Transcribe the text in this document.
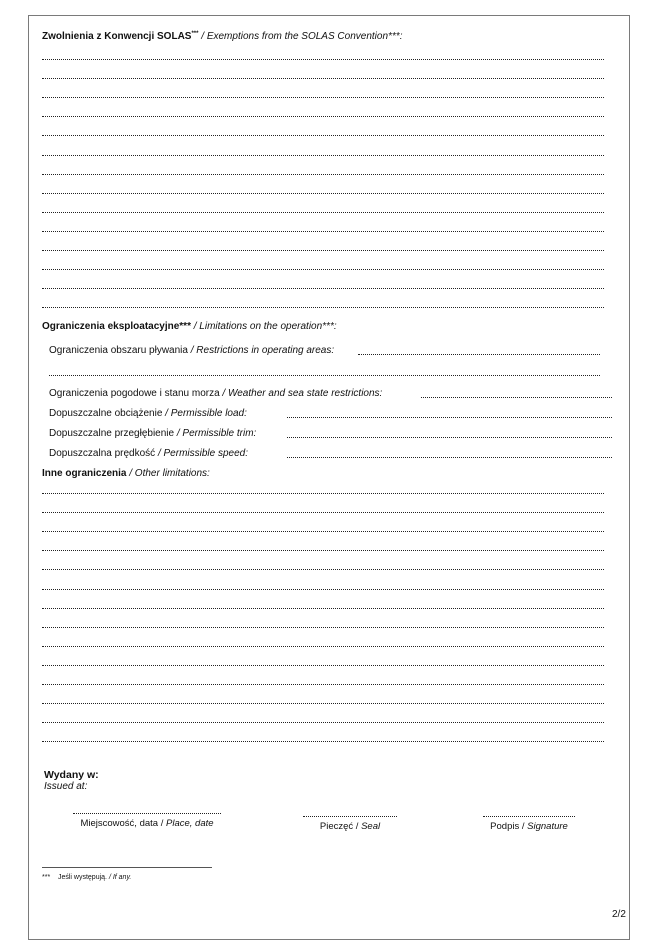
Zwolnienia z Konwencji SOLAS*** / Exemptions from the SOLAS Convention***:
Ograniczenia eksploatacyjne*** / Limitations on the operation***:
Ograniczenia obszaru pływania / Restrictions in operating areas:
Ograniczenia pogodowe i stanu morza / Weather and sea state restrictions:
Dopuszczalne obciążenie / Permissible load:
Dopuszczalne przegłębienie / Permissible trim:
Dopuszczalna prędkość / Permissible speed:
Inne ograniczenia / Other limitations:
Wydany w:
Issued at:
Miejscowość, data / Place, date	Pieczęć / Seal	Podpis / Signature
*** Jeśli występują. / If any.
2/2
